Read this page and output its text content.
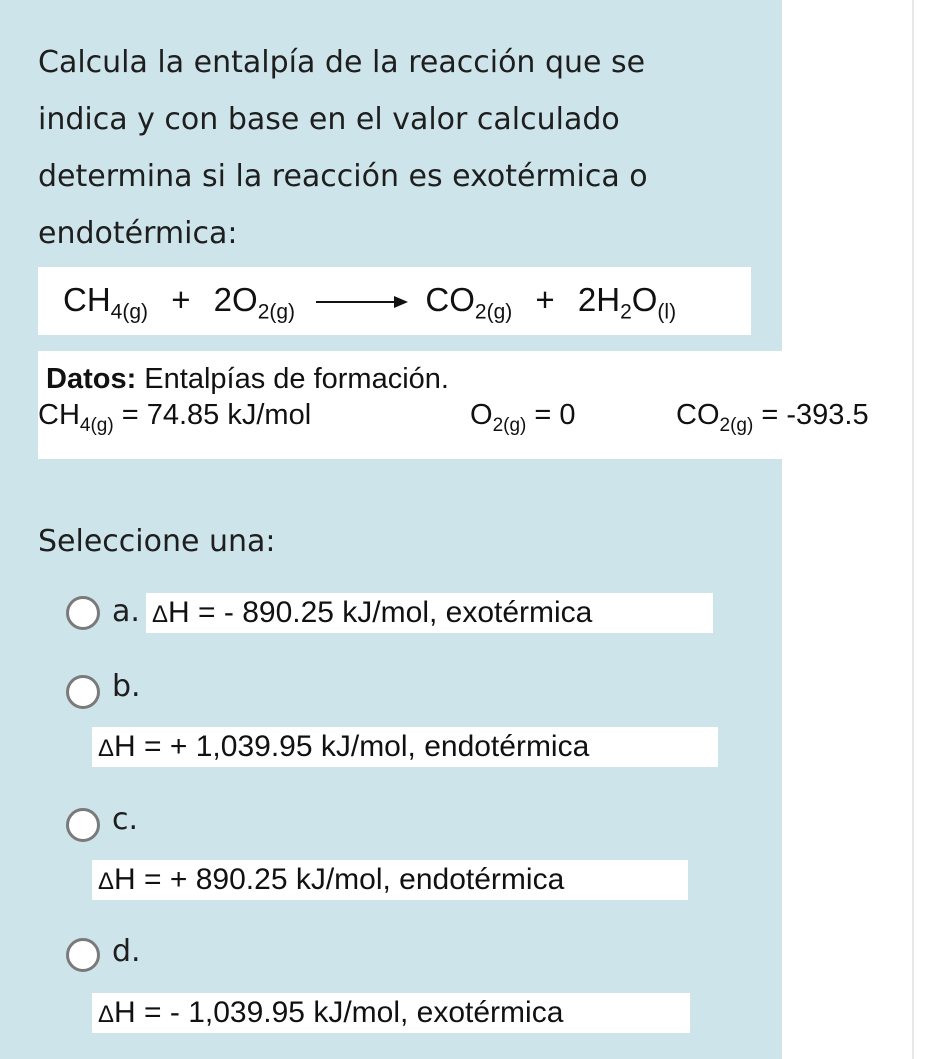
Calcula la entalpía de la reacción que se
indica y con base en el valor calculado
determina si la reacción es exotérmica o
endotérmica:
$CH_{4(g)} + 2O_{2(g)} \to CO_{2(g)} + 2H_2O_{(l)}$
Datos: Entalpías de formación.
$CH_{4(g)} = 74.85$ kJ/mol	$O_{2(g)} = 0$	$CO_{2(g)} = -393.5$
Seleccione una:
a. ΔH = - 890.25 kJ/mol, exotérmica
b.
ΔH = + 1,039.95 kJ/mol, endotérmica
c.
ΔH = + 890.25 kJ/mol, endotérmica
d.
ΔH = - 1,039.95 kJ/mol, exotérmica
